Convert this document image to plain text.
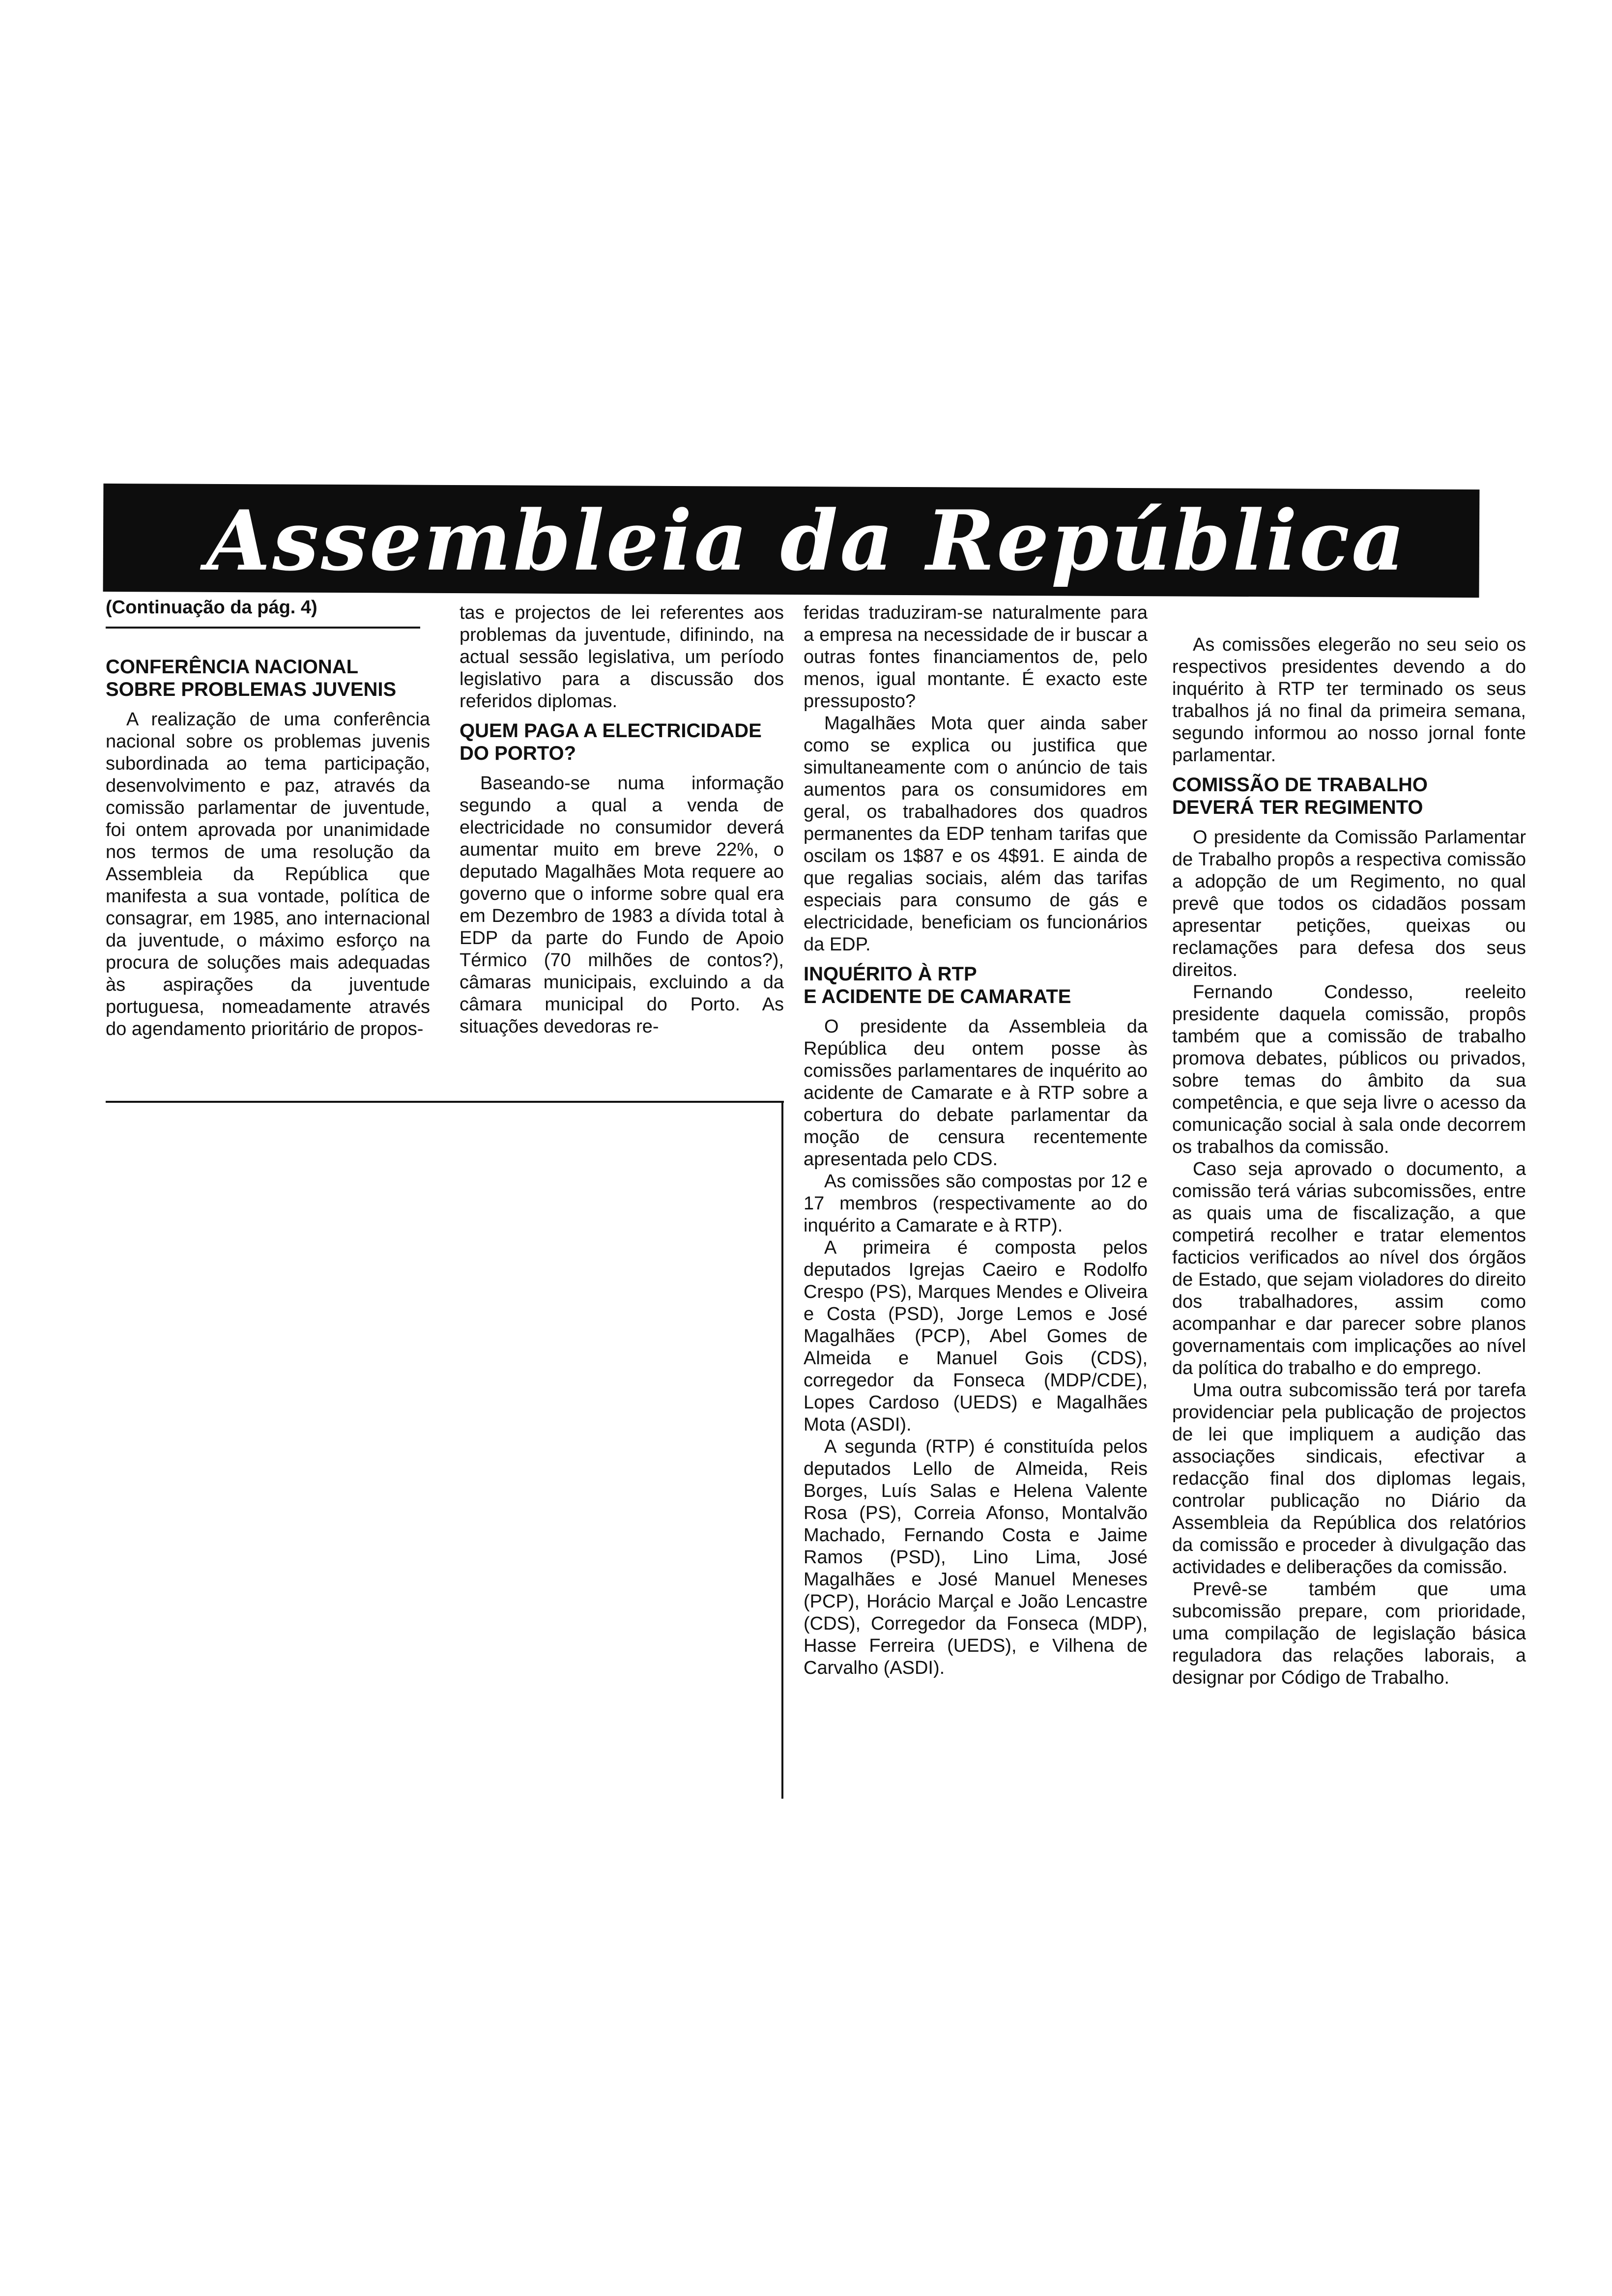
Assembleia da República
(Continuação da pág. 4)
CONFERÊNCIA NACIONAL
SOBRE PROBLEMAS JUVENIS

A realização de uma conferência nacional sobre os problemas juvenis subordinada ao tema participação, desenvolvimento e paz, através da comissão parlamentar de juventude, foi ontem aprovada por unanimidade nos termos de uma resolução da Assembleia da República que manifesta a sua vontade, política de consagrar, em 1985, ano internacional da juventude, o máximo esforço na procura de soluções mais adequadas às aspirações da juventude portuguesa, nomeadamente através do agendamento prioritário de propos-

tas e projectos de lei referentes aos problemas da juventude, difinindo, na actual sessão legislativa, um período legislativo para a discussão dos referidos diplomas.

QUEM PAGA A ELECTRICIDADE
DO PORTO?

Baseando-se numa informação segundo a qual a venda de electricidade no consumidor deverá aumentar muito em breve 22%, o deputado Magalhães Mota requere ao governo que o informe sobre qual era em Dezembro de 1983 a dívida total à EDP da parte do Fundo de Apoio Térmico (70 milhões de contos?), câmaras municipais, excluindo a da câmara municipal do Porto. As situações devedoras re-

feridas traduziram-se naturalmente para a empresa na necessidade de ir buscar a outras fontes financiamentos de, pelo menos, igual montante. É exacto este pressuposto?

Magalhães Mota quer ainda saber como se explica ou justifica que simultaneamente com o anúncio de tais aumentos para os consumidores em geral, os trabalhadores dos quadros permanentes da EDP tenham tarifas que oscilam os 1$87 e os 4$91. E ainda de que regalias sociais, além das tarifas especiais para consumo de gás e electricidade, beneficiam os funcionários da EDP.

INQUÉRITO À RTP
E ACIDENTE DE CAMARATE

O presidente da Assembleia da República deu ontem posse às comissões parlamentares de inquérito ao acidente de Camarate e à RTP sobre a cobertura do debate parlamentar da moção de censura recentemente apresentada pelo CDS.

As comissões são compostas por 12 e 17 membros (respectivamente ao do inquérito a Camarate e à RTP).

A primeira é composta pelos deputados Igrejas Caeiro e Rodolfo Crespo (PS), Marques Mendes e Oliveira e Costa (PSD), Jorge Lemos e José Magalhães (PCP), Abel Gomes de Almeida e Manuel Gois (CDS), corregedor da Fonseca (MDP/CDE), Lopes Cardoso (UEDS) e Magalhães Mota (ASDI).

A segunda (RTP) é constituída pelos deputados Lello de Almeida, Reis Borges, Luís Salas e Helena Valente Rosa (PS), Correia Afonso, Montalvão Machado, Fernando Costa e Jaime Ramos (PSD), Lino Lima, José Magalhães e José Manuel Meneses (PCP), Horácio Marçal e João Lencastre (CDS), Corregedor da Fonseca (MDP), Hasse Ferreira (UEDS), e Vilhena de Carvalho (ASDI).

As comissões elegerão no seu seio os respectivos presidentes devendo a do inquérito à RTP ter terminado os seus trabalhos já no final da primeira semana, segundo informou ao nosso jornal fonte parlamentar.

COMISSÃO DE TRABALHO
DEVERÁ TER REGIMENTO

O presidente da Comissão Parlamentar de Trabalho propôs a respectiva comissão a adopção de um Regimento, no qual prevê que todos os cidadãos possam apresentar petições, queixas ou reclamações para defesa dos seus direitos.

Fernando Condesso, reeleito presidente daquela comissão, propôs também que a comissão de trabalho promova debates, públicos ou privados, sobre temas do âmbito da sua competência, e que seja livre o acesso da comunicação social à sala onde decorrem os trabalhos da comissão.

Caso seja aprovado o documento, a comissão terá várias subcomissões, entre as quais uma de fiscalização, a que competirá recolher e tratar elementos facticios verificados ao nível dos órgãos de Estado, que sejam violadores do direito dos trabalhadores, assim como acompanhar e dar parecer sobre planos governamentais com implicações ao nível da política do trabalho e do emprego.

Uma outra subcomissão terá por tarefa providenciar pela publicação de projectos de lei que impliquem a audição das associações sindicais, efectivar a redacção final dos diplomas legais, controlar publicação no Diário da Assembleia da República dos relatórios da comissão e proceder à divulgação das actividades e deliberações da comissão.

Prevê-se também que uma subcomissão prepare, com prioridade, uma compilação de legislação básica reguladora das relações laborais, a designar por Código de Trabalho.
